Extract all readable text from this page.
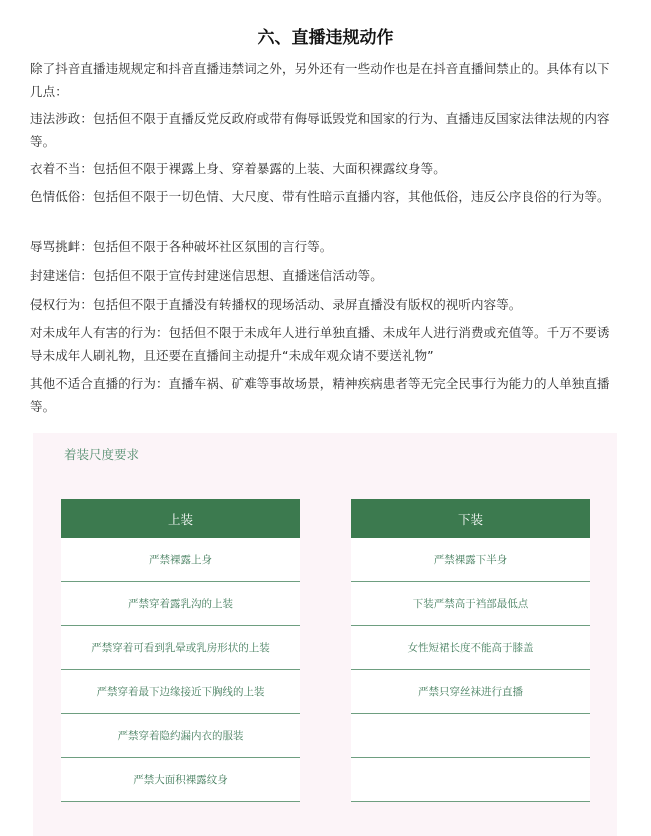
六、直播违规动作

除了抖音直播违规规定和抖音直播违禁词之外，另外还有一些动作也是在抖音直播间禁止的。具体有以下几点：

违法涉政：包括但不限于直播反党反政府或带有侮辱诋毁党和国家的行为、直播违反国家法律法规的内容等。

衣着不当：包括但不限于裸露上身、穿着暴露的上装、大面积裸露纹身等。

色情低俗：包括但不限于一切色情、大尺度、带有性暗示直播内容，其他低俗，违反公序良俗的行为等。

辱骂挑衅：包括但不限于各种破坏社区氛围的言行等。

封建迷信：包括但不限于宣传封建迷信思想、直播迷信活动等。

侵权行为：包括但不限于直播没有转播权的现场活动、录屏直播没有版权的视听内容等。

对未成年人有害的行为：包括但不限于未成年人进行单独直播、未成年人进行消费或充值等。千万不要诱导未成年人刷礼物，且还要在直播间主动提升“未成年观众请不要送礼物”

其他不适合直播的行为：直播车祸、矿难等事故场景，精神疾病患者等无完全民事行为能力的人单独直播等。

着装尺度要求
上装
严禁裸露上身
严禁穿着露乳沟的上装
严禁穿着可看到乳晕或乳房形状的上装
严禁穿着最下边缘接近下胸线的上装
严禁穿着隐约漏内衣的服装
严禁大面积裸露纹身
下装
严禁裸露下半身
下装严禁高于裆部最低点
女性短裙长度不能高于膝盖
严禁只穿丝袜进行直播
